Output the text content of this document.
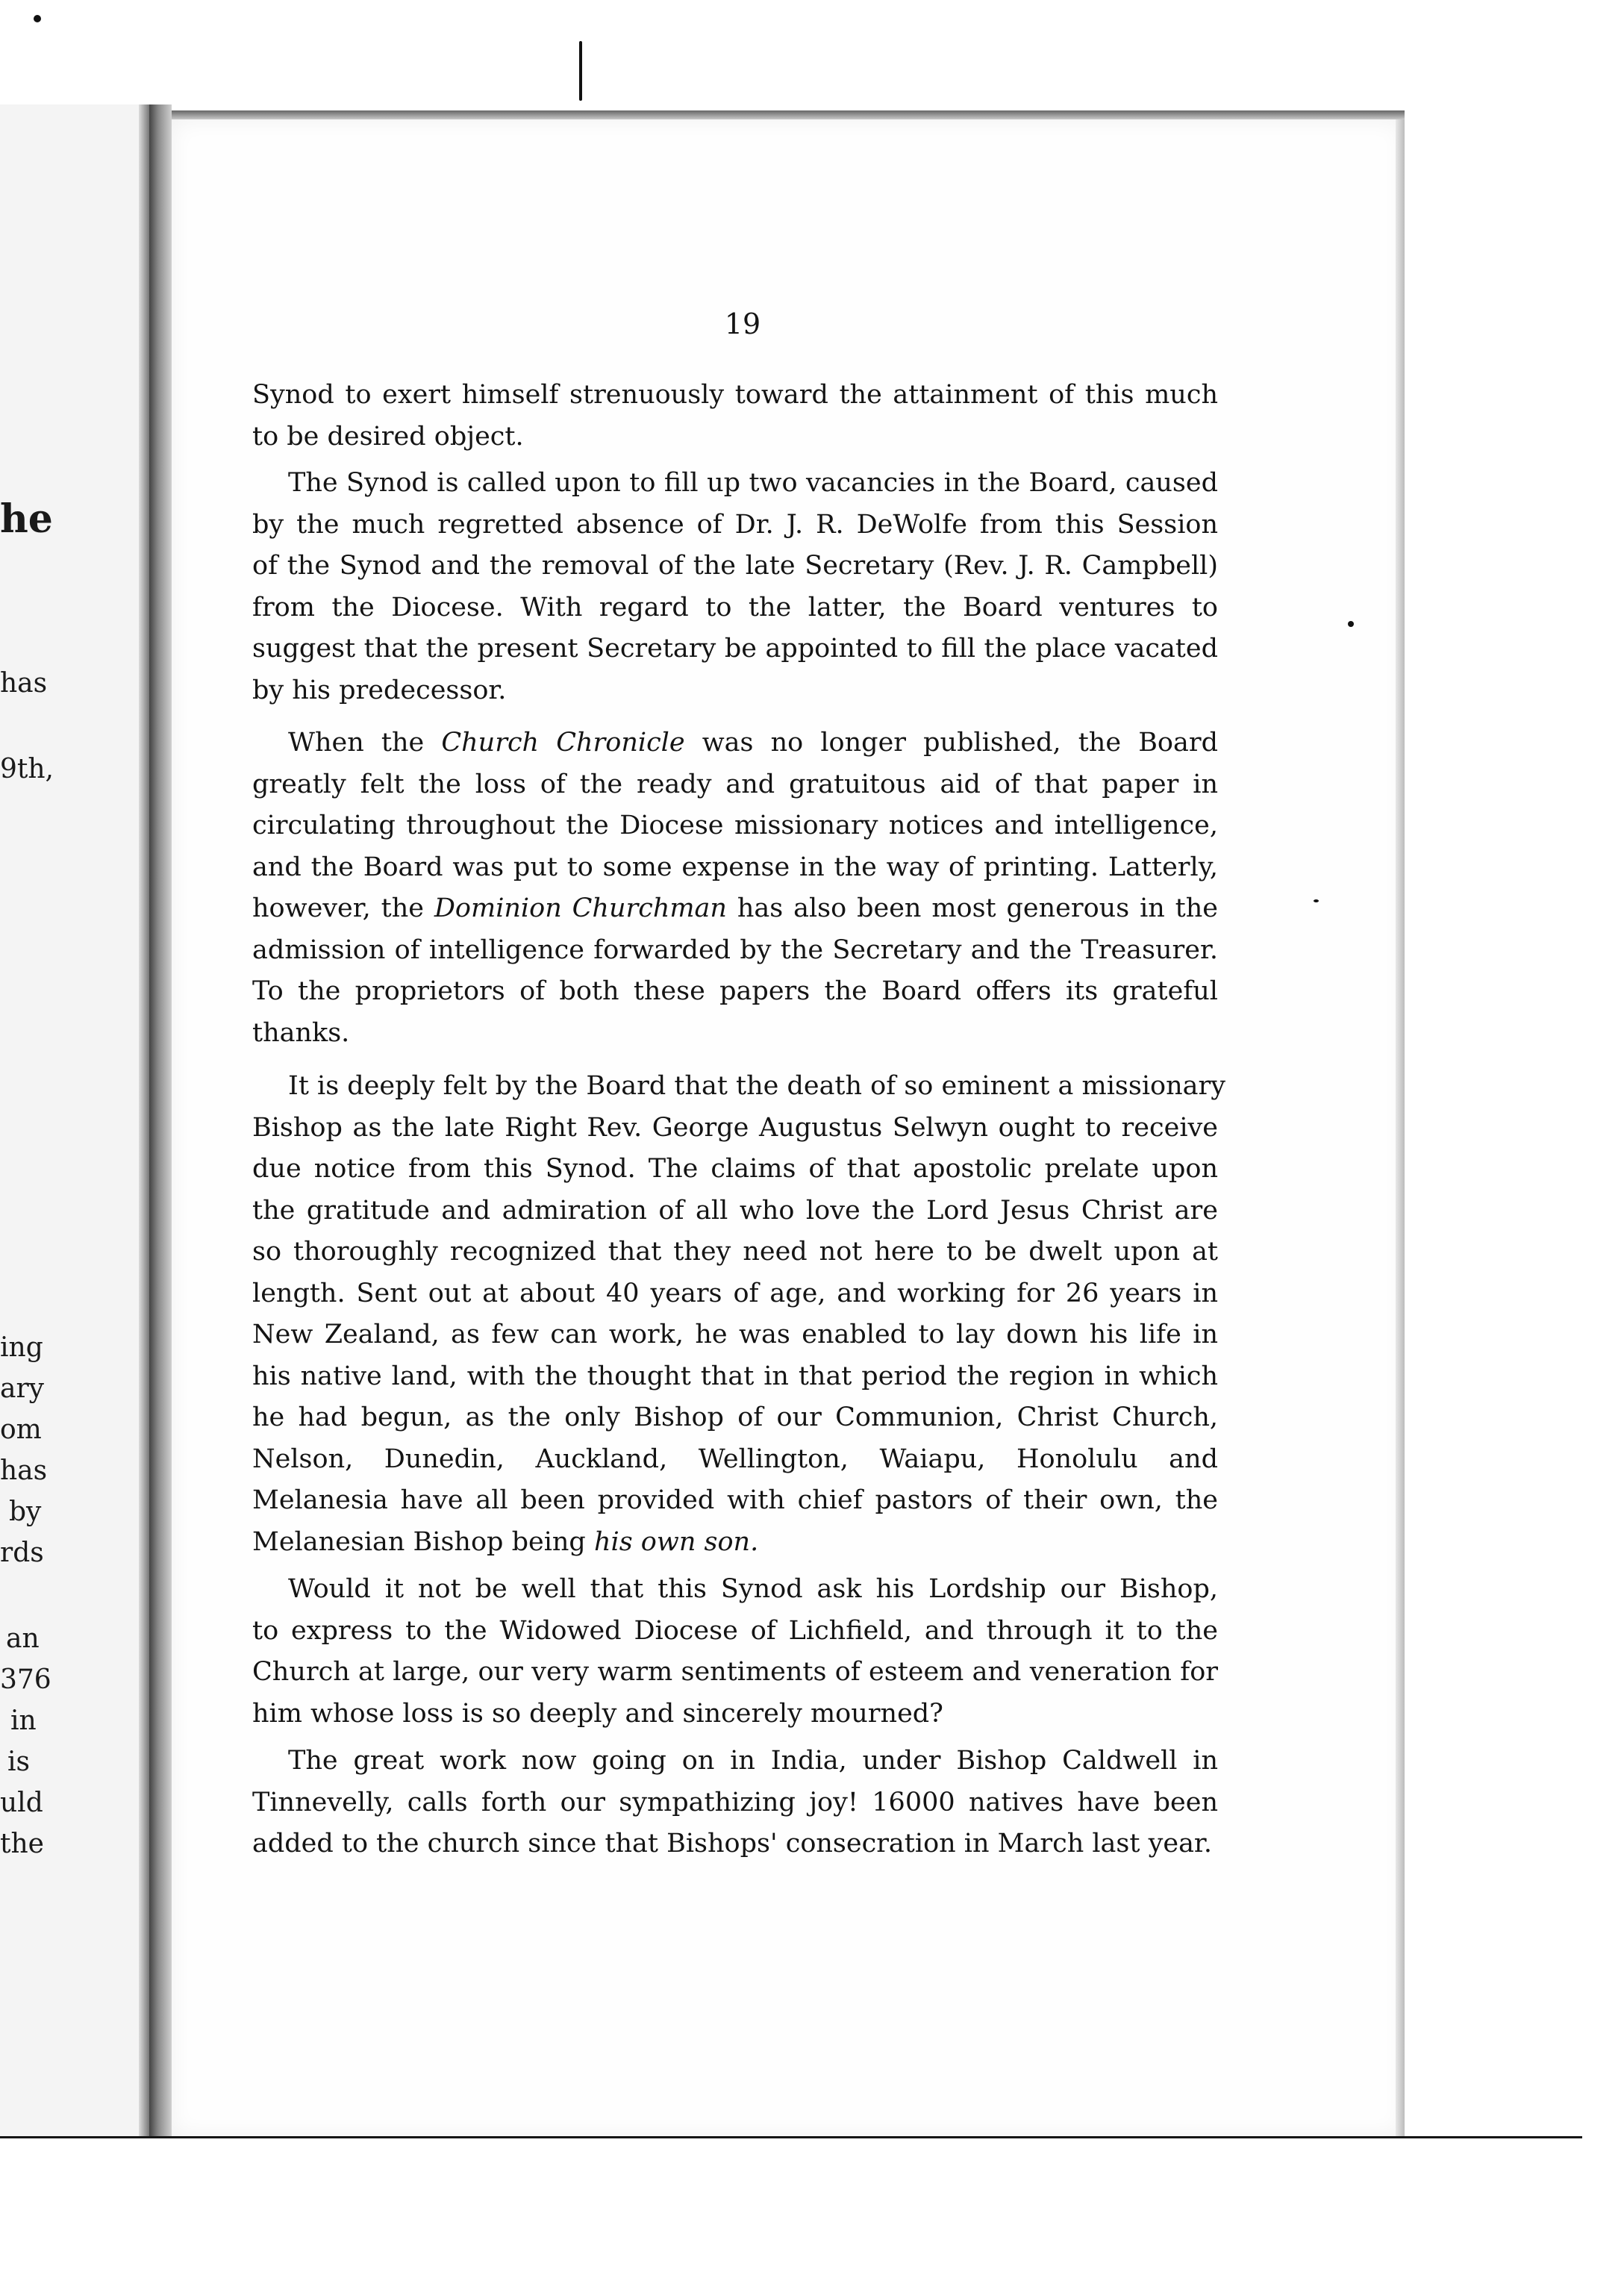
he
has
9th,
ing
ary
om
has
by
rds
an
376
in
is
uld
the
19
Synod to exert himself strenuously toward the attainment of this much
to be desired object.
The Synod is called upon to fill up two vacancies in the Board, caused
by the much regretted absence of Dr. J. R. DeWolfe from this Session
of the Synod and the removal of the late Secretary (Rev. J. R. Campbell)
from the Diocese. With regard to the latter, the Board ventures to
suggest that the present Secretary be appointed to fill the place vacated
by his predecessor.
When the Church Chronicle was no longer published, the Board
greatly felt the loss of the ready and gratuitous aid of that paper in
circulating throughout the Diocese missionary notices and intelligence,
and the Board was put to some expense in the way of printing. Latterly,
however, the Dominion Churchman has also been most generous in the
admission of intelligence forwarded by the Secretary and the Treasurer.
To the proprietors of both these papers the Board offers its grateful
thanks.
It is deeply felt by the Board that the death of so eminent a missionary
Bishop as the late Right Rev. George Augustus Selwyn ought to receive
due notice from this Synod. The claims of that apostolic prelate upon
the gratitude and admiration of all who love the Lord Jesus Christ are
so thoroughly recognized that they need not here to be dwelt upon at
length. Sent out at about 40 years of age, and working for 26 years in
New Zealand, as few can work, he was enabled to lay down his life in
his native land, with the thought that in that period the region in which
he had begun, as the only Bishop of our Communion, Christ Church,
Nelson, Dunedin, Auckland, Wellington, Waiapu, Honolulu and
Melanesia have all been provided with chief pastors of their own, the
Melanesian Bishop being his own son.
Would it not be well that this Synod ask his Lordship our Bishop,
to express to the Widowed Diocese of Lichfield, and through it to the
Church at large, our very warm sentiments of esteem and veneration for
him whose loss is so deeply and sincerely mourned?
The great work now going on in India, under Bishop Caldwell in
Tinnevelly, calls forth our sympathizing joy! 16000 natives have been
added to the church since that Bishops' consecration in March last year.
